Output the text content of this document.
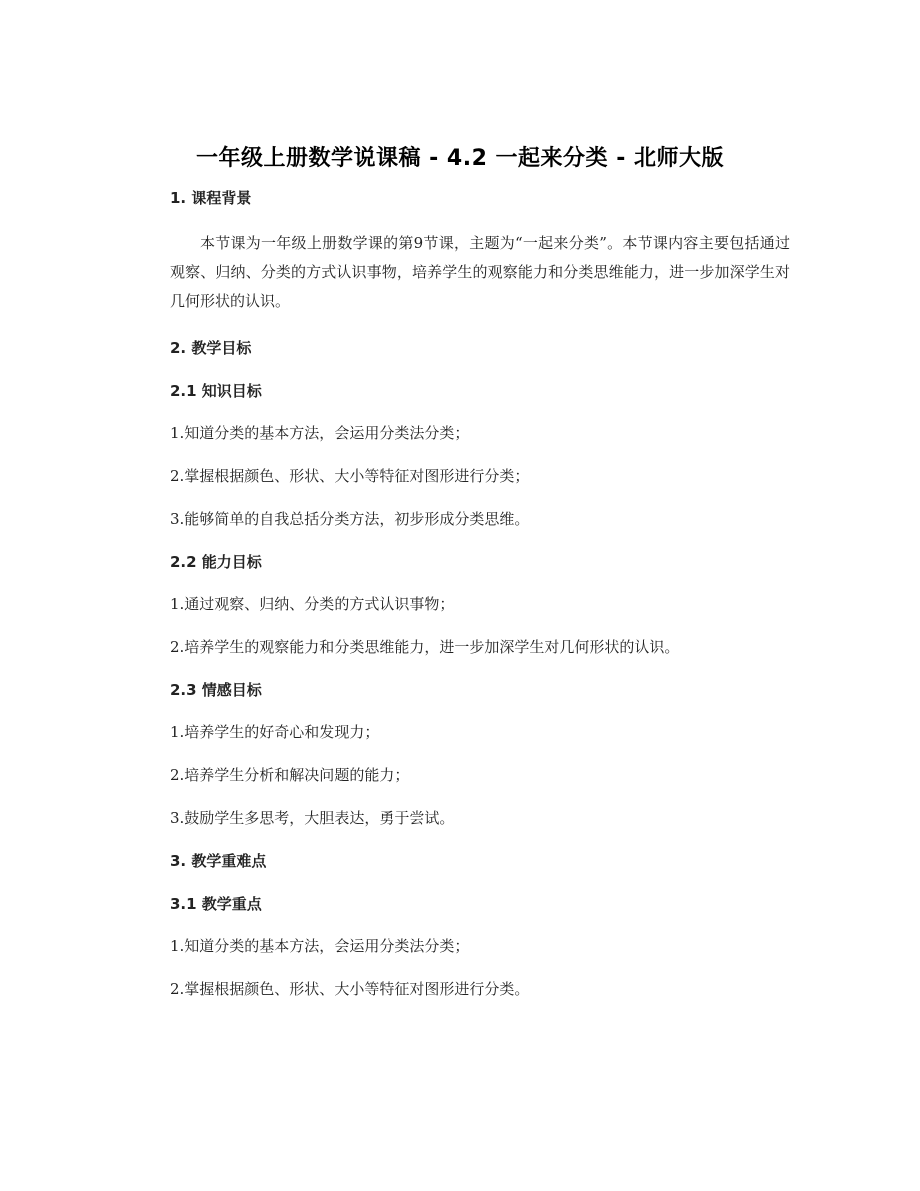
一年级上册数学说课稿 - 4.2 一起来分类 - 北师大版
1. 课程背景
本节课为一年级上册数学课的第9节课，主题为“一起来分类”。本节课内容主要包括通过观察、归纳、分类的方式认识事物，培养学生的观察能力和分类思维能力，进一步加深学生对几何形状的认识。
2. 教学目标
2.1 知识目标
1.知道分类的基本方法，会运用分类法分类；
2.掌握根据颜色、形状、大小等特征对图形进行分类；
3.能够简单的自我总括分类方法，初步形成分类思维。
2.2 能力目标
1.通过观察、归纳、分类的方式认识事物；
2.培养学生的观察能力和分类思维能力，进一步加深学生对几何形状的认识。
2.3 情感目标
1.培养学生的好奇心和发现力；
2.培养学生分析和解决问题的能力；
3.鼓励学生多思考，大胆表达，勇于尝试。
3. 教学重难点
3.1 教学重点
1.知道分类的基本方法，会运用分类法分类；
2.掌握根据颜色、形状、大小等特征对图形进行分类。
